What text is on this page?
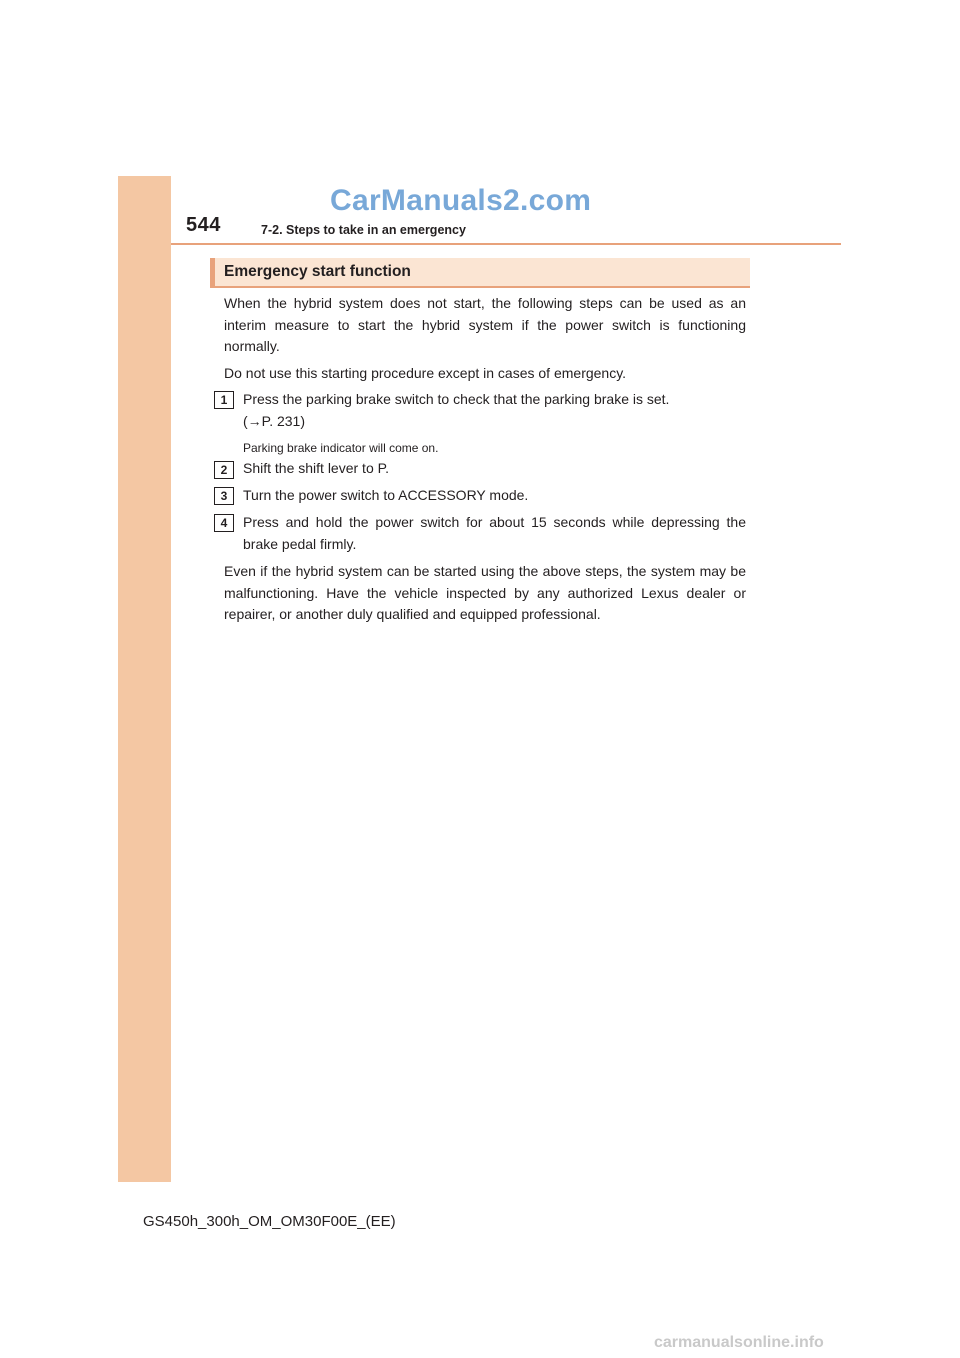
544	7-2. Steps to take in an emergency
CarManuals2.com
Emergency start function
When the hybrid system does not start, the following steps can be used as an interim measure to start the hybrid system if the power switch is functioning normally.
Do not use this starting procedure except in cases of emergency.
1	Press the parking brake switch to check that the parking brake is set.
(→P. 231)
Parking brake indicator will come on.
2	Shift the shift lever to P.
3	Turn the power switch to ACCESSORY mode.
4	Press and hold the power switch for about 15 seconds while depressing the brake pedal firmly.
Even if the hybrid system can be started using the above steps, the system may be malfunctioning. Have the vehicle inspected by any authorized Lexus dealer or repairer, or another duly qualified and equipped professional.
GS450h_300h_OM_OM30F00E_(EE)
carmanualsonline.info
